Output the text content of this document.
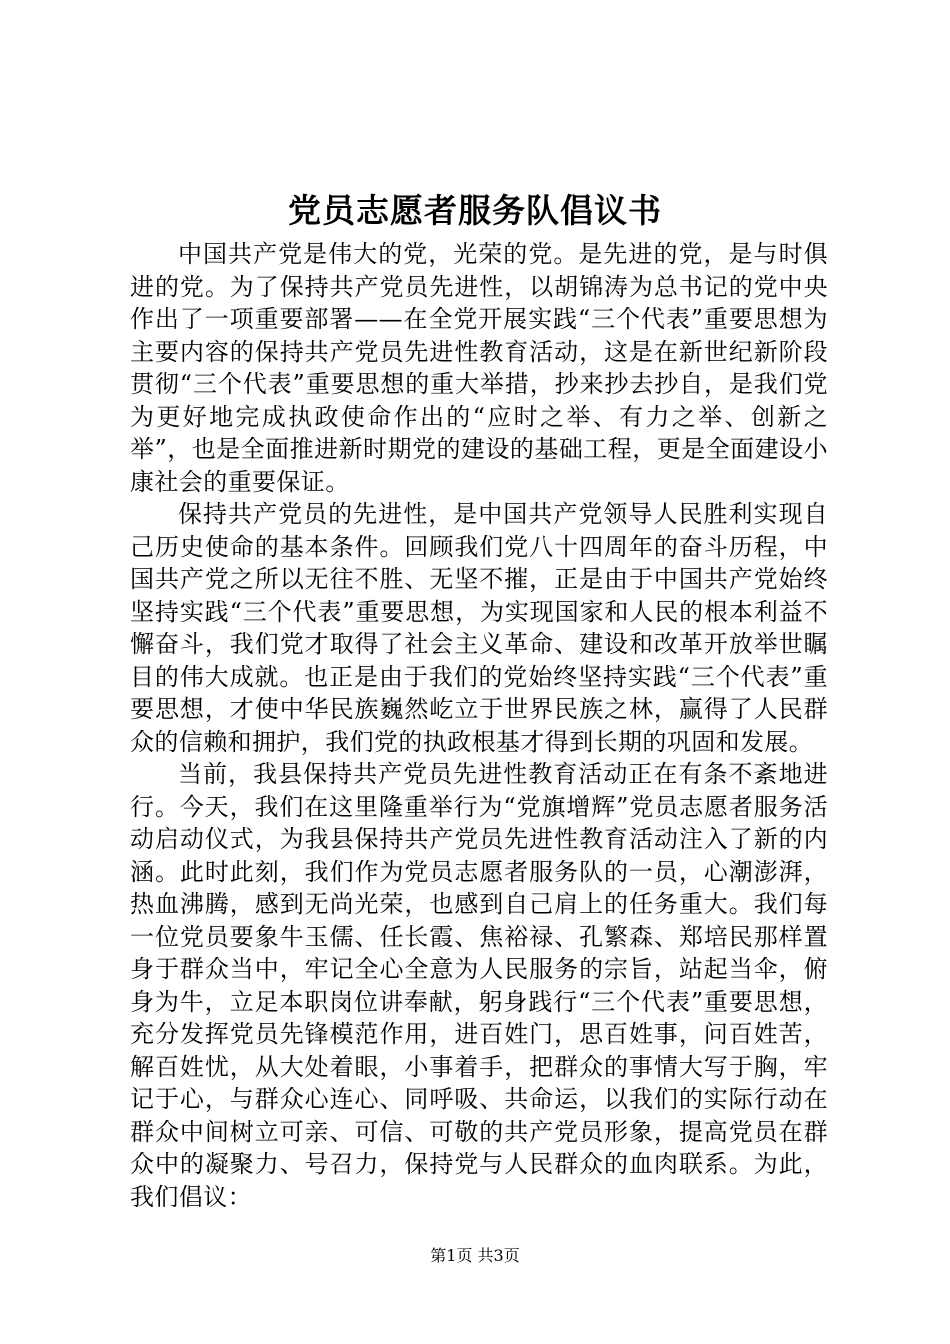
党员志愿者服务队倡议书

中国共产党是伟大的党，光荣的党。是先进的党，是与时俱进的党。为了保持共产党员先进性，以胡锦涛为总书记的党中央作出了一项重要部署——在全党开展实践“三个代表”重要思想为主要内容的保持共产党员先进性教育活动，这是在新世纪新阶段贯彻“三个代表”重要思想的重大举措，抄来抄去抄自，是我们党为更好地完成执政使命作出的“应时之举、有力之举、创新之举”，也是全面推进新时期党的建设的基础工程，更是全面建设小康社会的重要保证。

保持共产党员的先进性，是中国共产党领导人民胜利实现自己历史使命的基本条件。回顾我们党八十四周年的奋斗历程，中国共产党之所以无往不胜、无坚不摧，正是由于中国共产党始终坚持实践“三个代表”重要思想，为实现国家和人民的根本利益不懈奋斗，我们党才取得了社会主义革命、建设和改革开放举世瞩目的伟大成就。也正是由于我们的党始终坚持实践“三个代表”重要思想，才使中华民族巍然屹立于世界民族之林，赢得了人民群众的信赖和拥护，我们党的执政根基才得到长期的巩固和发展。

当前，我县保持共产党员先进性教育活动正在有条不紊地进行。今天，我们在这里隆重举行为“党旗增辉”党员志愿者服务活动启动仪式，为我县保持共产党员先进性教育活动注入了新的内涵。此时此刻，我们作为党员志愿者服务队的一员，心潮澎湃，热血沸腾，感到无尚光荣，也感到自己肩上的任务重大。我们每一位党员要象牛玉儒、任长霞、焦裕禄、孔繁森、郑培民那样置身于群众当中，牢记全心全意为人民服务的宗旨，站起当伞，俯身为牛，立足本职岗位讲奉献，躬身践行“三个代表”重要思想，充分发挥党员先锋模范作用，进百姓门，思百姓事，问百姓苦，解百姓忧，从大处着眼，小事着手，把群众的事情大写于胸，牢记于心，与群众心连心、同呼吸、共命运，以我们的实际行动在群众中间树立可亲、可信、可敬的共产党员形象，提高党员在群众中的凝聚力、号召力，保持党与人民群众的血肉联系。为此，我们倡议：

第1页 共3页
